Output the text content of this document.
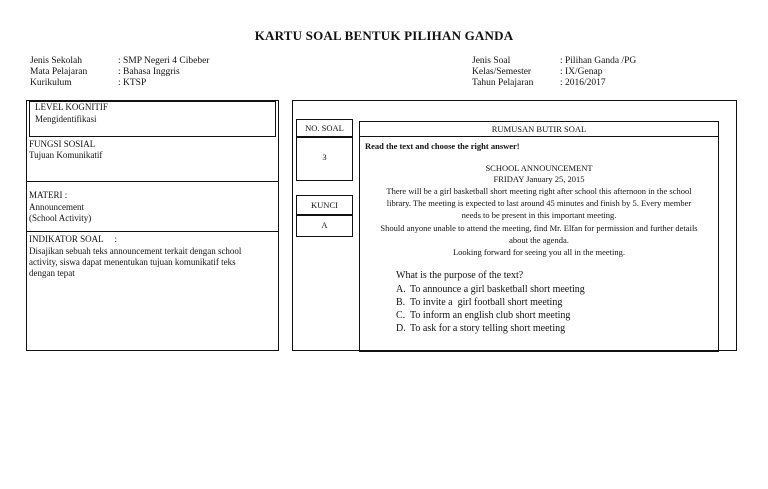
KARTU SOAL BENTUK PILIHAN GANDA
Jenis Sekolah	: SMP Negeri 4 Cibeber
Mata Pelajaran	: Bahasa Inggris
Kurikulum	: KTSP
Jenis Soal	: Pilihan Ganda /PG
Kelas/Semester	: IX/Genap
Tahun Pelajaran	: 2016/2017
LEVEL KOGNITIF
Mengidentifikasi
FUNGSI SOSIAL
Tujuan Komunikatif
MATERI :
Announcement
(School Activity)
INDIKATOR SOAL     :
Disajikan sebuah teks announcement terkait dengan school
activity, siswa dapat menentukan tujuan komunikatif teks
dengan tepat
NO. SOAL
3
KUNCI
A
RUMUSAN BUTIR SOAL
Read the text and choose the right answer!
SCHOOL ANNOUNCEMENT
FRIDAY January 25, 2015
There will be a girl basketball short meeting right after school this afternoon in the school
library. The meeting is expected to last around 45 minutes and finish by 5. Every member
needs to be present in this important meeting.
Should anyone unable to attend the meeting, find Mr. Elfan for permission and further details
about the agenda.
Looking forward for seeing you all in the meeting.
What is the purpose of the text?
A. To announce a girl basketball short meeting
B. To invite a  girl football short meeting
C. To inform an english club short meeting
D. To ask for a story telling short meeting
